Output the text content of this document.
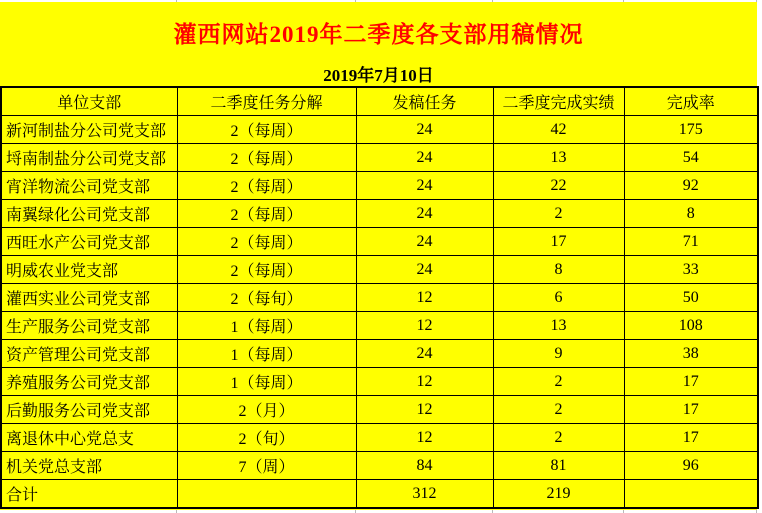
灌西网站2019年二季度各支部用稿情况
2019年7月10日
单位支部	二季度任务分解	发稿任务	二季度完成实绩	完成率
新河制盐分公司党支部	2（每周）	24	42	175
埒南制盐分公司党支部	2（每周）	24	13	54
宵洋物流公司党支部	2（每周）	24	22	92
南翼绿化公司党支部	2（每周）	24	2	8
西旺水产公司党支部	2（每周）	24	17	71
明威农业党支部	2（每周）	24	8	33
灌西实业公司党支部	2（每旬）	12	6	50
生产服务公司党支部	1（每周）	12	13	108
资产管理公司党支部	1（每周）	24	9	38
养殖服务公司党支部	1（每周）	12	2	17
后勤服务公司党支部	2（月）	12	2	17
离退休中心党总支	2（旬）	12	2	17
机关党总支部	7（周）	84	81	96
合计		312	219	
